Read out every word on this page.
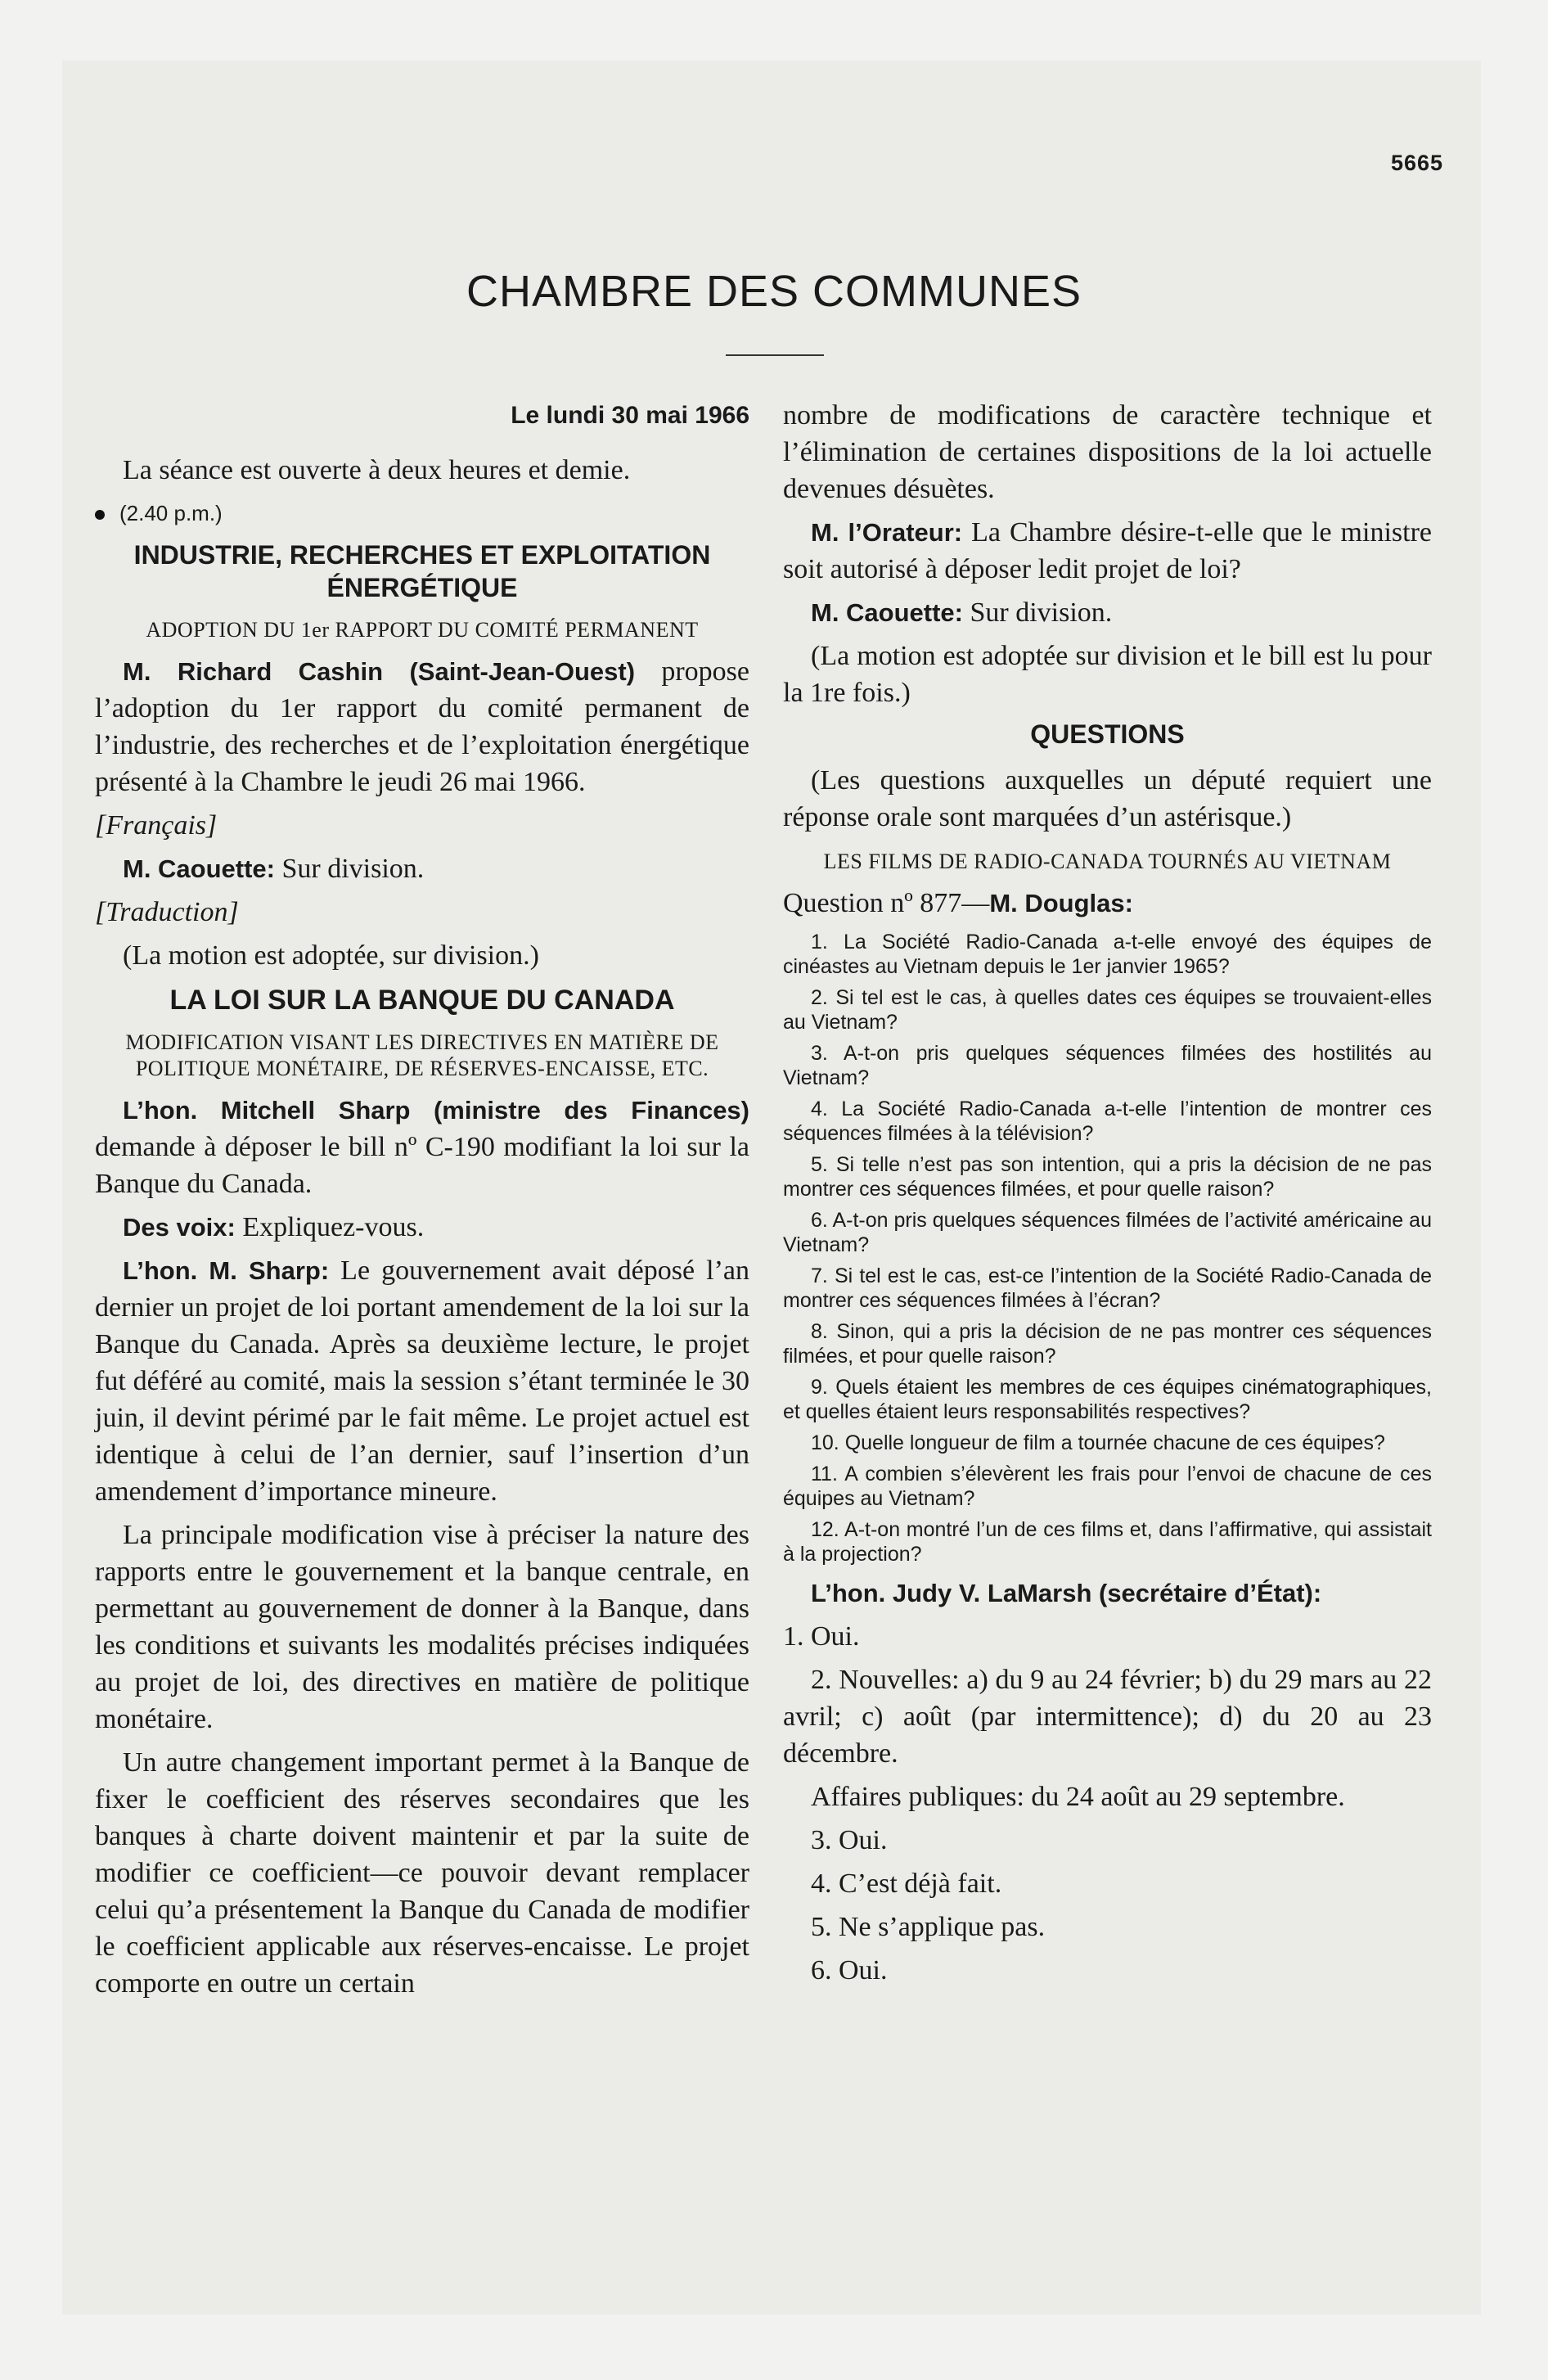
5665
CHAMBRE DES COMMUNES

Le lundi 30 mai 1966

La séance est ouverte à deux heures et demie.

(2.40 p.m.)

INDUSTRIE, RECHERCHES ET EXPLOITATION ÉNERGÉTIQUE
ADOPTION DU 1er RAPPORT DU COMITÉ PERMANENT

M. Richard Cashin (Saint-Jean-Ouest) propose l’adoption du 1er rapport du comité permanent de l’industrie, des recherches et de l’exploitation énergétique présenté à la Chambre le jeudi 26 mai 1966.

[Français]

M. Caouette: Sur division.

[Traduction]

(La motion est adoptée, sur division.)

LA LOI SUR LA BANQUE DU CANADA
MODIFICATION VISANT LES DIRECTIVES EN MATIÈRE DE POLITIQUE MONÉTAIRE, DE RÉSERVES-ENCAISSE, ETC.

L’hon. Mitchell Sharp (ministre des Finances) demande à déposer le bill nº C-190 modifiant la loi sur la Banque du Canada.

Des voix: Expliquez-vous.

L’hon. M. Sharp: Le gouvernement avait déposé l’an dernier un projet de loi portant amendement de la loi sur la Banque du Canada. Après sa deuxième lecture, le projet fut déféré au comité, mais la session s’étant terminée le 30 juin, il devint périmé par le fait même. Le projet actuel est identique à celui de l’an dernier, sauf l’insertion d’un amendement d’importance mineure.

La principale modification vise à préciser la nature des rapports entre le gouvernement et la banque centrale, en permettant au gouvernement de donner à la Banque, dans les conditions et suivants les modalités précises indiquées au projet de loi, des directives en matière de politique monétaire.

Un autre changement important permet à la Banque de fixer le coefficient des réserves secondaires que les banques à charte doivent maintenir et par la suite de modifier ce coefficient—ce pouvoir devant remplacer celui qu’a présentement la Banque du Canada de modifier le coefficient applicable aux réserves-encaisse. Le projet comporte en outre un certain

nombre de modifications de caractère technique et l’élimination de certaines dispositions de la loi actuelle devenues désuètes.

M. l’Orateur: La Chambre désire-t-elle que le ministre soit autorisé à déposer ledit projet de loi?

M. Caouette: Sur division.

(La motion est adoptée sur division et le bill est lu pour la 1re fois.)

QUESTIONS

(Les questions auxquelles un député requiert une réponse orale sont marquées d’un astérisque.)

LES FILMS DE RADIO-CANADA TOURNÉS AU VIETNAM

Question nº 877—M. Douglas:

1. La Société Radio-Canada a-t-elle envoyé des équipes de cinéastes au Vietnam depuis le 1er janvier 1965?

2. Si tel est le cas, à quelles dates ces équipes se trouvaient-elles au Vietnam?

3. A-t-on pris quelques séquences filmées des hostilités au Vietnam?

4. La Société Radio-Canada a-t-elle l’intention de montrer ces séquences filmées à la télévision?

5. Si telle n’est pas son intention, qui a pris la décision de ne pas montrer ces séquences filmées, et pour quelle raison?

6. A-t-on pris quelques séquences filmées de l’activité américaine au Vietnam?

7. Si tel est le cas, est-ce l’intention de la Société Radio-Canada de montrer ces séquences filmées à l’écran?

8. Sinon, qui a pris la décision de ne pas montrer ces séquences filmées, et pour quelle raison?

9. Quels étaient les membres de ces équipes cinématographiques, et quelles étaient leurs responsabilités respectives?

10. Quelle longueur de film a tournée chacune de ces équipes?

11. A combien s’élevèrent les frais pour l’envoi de chacune de ces équipes au Vietnam?

12. A-t-on montré l’un de ces films et, dans l’affirmative, qui assistait à la projection?

L’hon. Judy V. LaMarsh (secrétaire d’État):

1. Oui.

2. Nouvelles: a) du 9 au 24 février; b) du 29 mars au 22 avril; c) août (par intermittence); d) du 20 au 23 décembre.

Affaires publiques: du 24 août au 29 septembre.

3. Oui.

4. C’est déjà fait.

5. Ne s’applique pas.

6. Oui.
